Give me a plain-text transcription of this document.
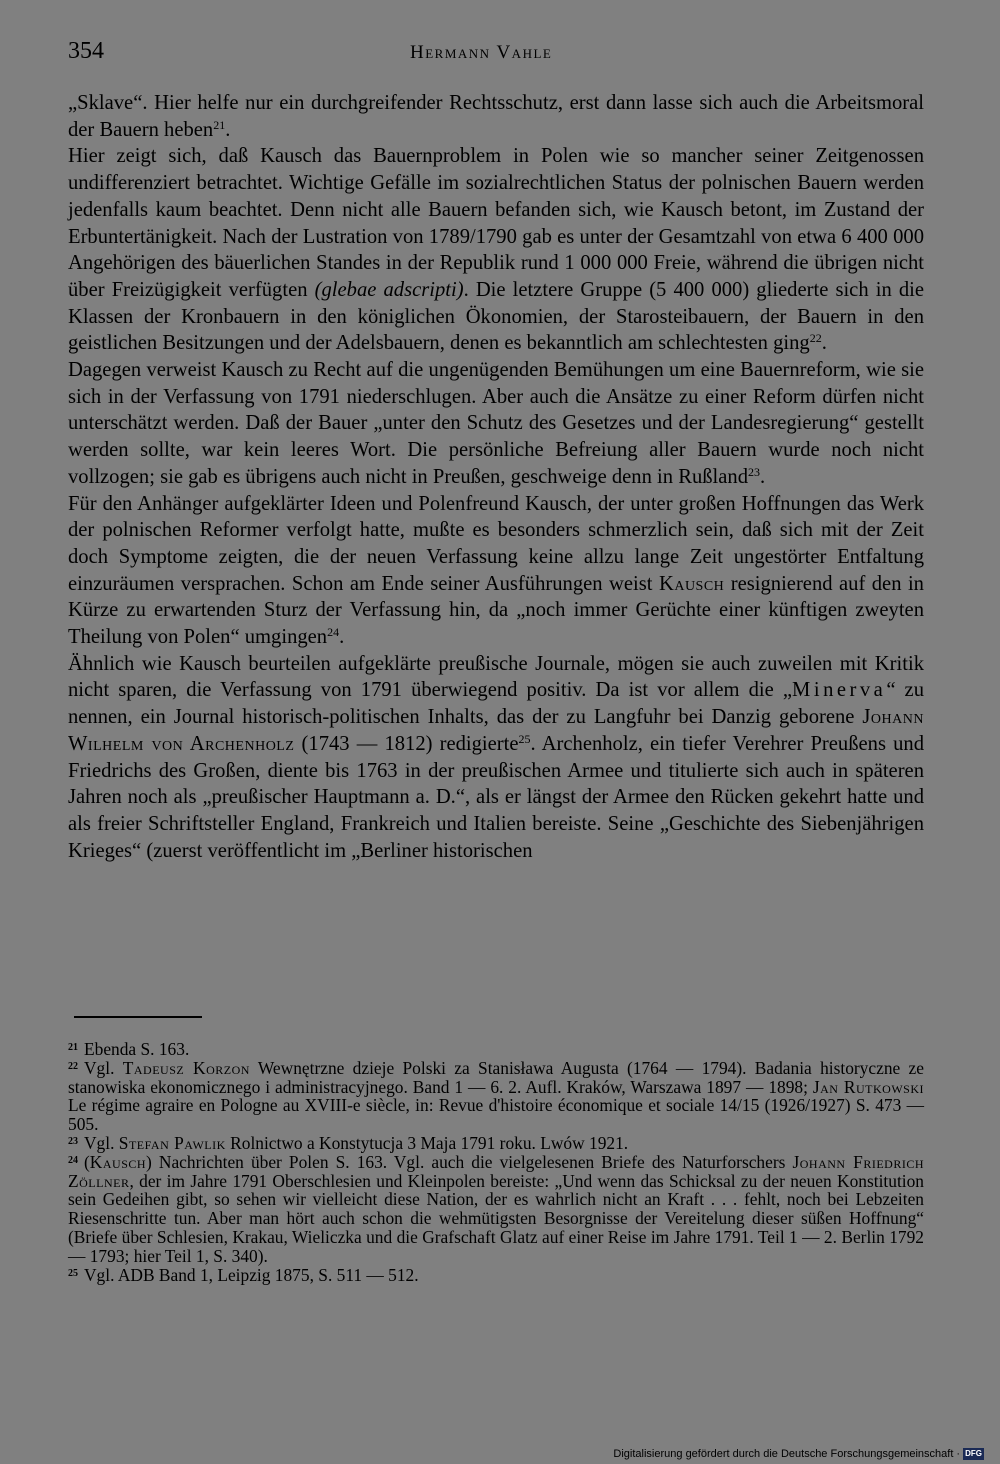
354	Hermann Vahle

„Sklave“. Hier helfe nur ein durchgreifender Rechtsschutz, erst dann lasse sich auch die Arbeitsmoral der Bauern heben$^{21}$.

Hier zeigt sich, daß Kausch das Bauernproblem in Polen wie so mancher seiner Zeitgenossen undifferenziert betrachtet. Wichtige Gefälle im sozialrechtlichen Status der polnischen Bauern werden jedenfalls kaum beachtet. Denn nicht alle Bauern befanden sich, wie Kausch betont, im Zustand der Erbuntertänigkeit. Nach der Lustration von 1789/1790 gab es unter der Gesamtzahl von etwa 6 400 000 Angehörigen des bäuerlichen Standes in der Republik rund 1 000 000 Freie, während die übrigen nicht über Freizügigkeit verfügten (glebae adscripti). Die letztere Gruppe (5 400 000) gliederte sich in die Klassen der Kronbauern in den königlichen Ökonomien, der Starosteibauern, der Bauern in den geistlichen Besitzungen und der Adelsbauern, denen es bekanntlich am schlechtesten ging$^{22}$.

Dagegen verweist Kausch zu Recht auf die ungenügenden Bemühungen um eine Bauernreform, wie sie sich in der Verfassung von 1791 niederschlugen. Aber auch die Ansätze zu einer Reform dürfen nicht unterschätzt werden. Daß der Bauer „unter den Schutz des Gesetzes und der Landesregierung“ gestellt werden sollte, war kein leeres Wort. Die persönliche Befreiung aller Bauern wurde noch nicht vollzogen; sie gab es übrigens auch nicht in Preußen, geschweige denn in Rußland$^{23}$.

Für den Anhänger aufgeklärter Ideen und Polenfreund Kausch, der unter großen Hoffnungen das Werk der polnischen Reformer verfolgt hatte, mußte es besonders schmerzlich sein, daß sich mit der Zeit doch Symptome zeigten, die der neuen Verfassung keine allzu lange Zeit ungestörter Entfaltung einzuräumen versprachen. Schon am Ende seiner Ausführungen weist Kausch resignierend auf den in Kürze zu erwartenden Sturz der Verfassung hin, da „noch immer Gerüchte einer künftigen zweyten Theilung von Polen“ umgingen$^{24}$.

Ähnlich wie Kausch beurteilen aufgeklärte preußische Journale, mögen sie auch zuweilen mit Kritik nicht sparen, die Verfassung von 1791 überwiegend positiv. Da ist vor allem die „Minerva“ zu nennen, ein Journal historisch-politischen Inhalts, das der zu Langfuhr bei Danzig geborene Johann Wilhelm von Archenholz (1743 — 1812) redigierte$^{25}$. Archenholz, ein tiefer Verehrer Preußens und Friedrichs des Großen, diente bis 1763 in der preußischen Armee und titulierte sich auch in späteren Jahren noch als „preußischer Hauptmann a. D.“, als er längst der Armee den Rücken gekehrt hatte und als freier Schriftsteller England, Frankreich und Italien bereiste. Seine „Geschichte des Siebenjährigen Krieges“ (zuerst veröffentlicht im „Berliner historischen

$^{21}$ Ebenda S. 163.
$^{22}$ Vgl. Tadeusz Korzon Wewnętrzne dzieje Polski za Stanisława Augusta (1764 — 1794). Badania historyczne ze stanowiska ekonomicznego i administracyjnego. Band 1 — 6. 2. Aufl. Kraków, Warszawa 1897 — 1898; Jan Rutkowski Le régime agraire en Pologne au XVIII-e siècle, in: Revue d'histoire économique et sociale 14/15 (1926/1927) S. 473 — 505.
$^{23}$ Vgl. Stefan Pawlik Rolnictwo a Konstytucja 3 Maja 1791 roku. Lwów 1921.
$^{24}$ (Kausch) Nachrichten über Polen S. 163. Vgl. auch die vielgelesenen Briefe des Naturforschers Johann Friedrich Zöllner, der im Jahre 1791 Oberschlesien und Kleinpolen bereiste: „Und wenn das Schicksal zu der neuen Konstitution sein Gedeihen gibt, so sehen wir vielleicht diese Nation, der es wahrlich nicht an Kraft . . . fehlt, noch bei Lebzeiten Riesenschritte tun. Aber man hört auch schon die wehmütigsten Besorgnisse der Vereitelung dieser süßen Hoffnung“ (Briefe über Schlesien, Krakau, Wieliczka und die Grafschaft Glatz auf einer Reise im Jahre 1791. Teil 1 — 2. Berlin 1792 — 1793; hier Teil 1, S. 340).
$^{25}$ Vgl. ADB Band 1, Leipzig 1875, S. 511 — 512.
Digitalisierung gefördert durch die Deutsche Forschungsgemeinschaft · DFG
